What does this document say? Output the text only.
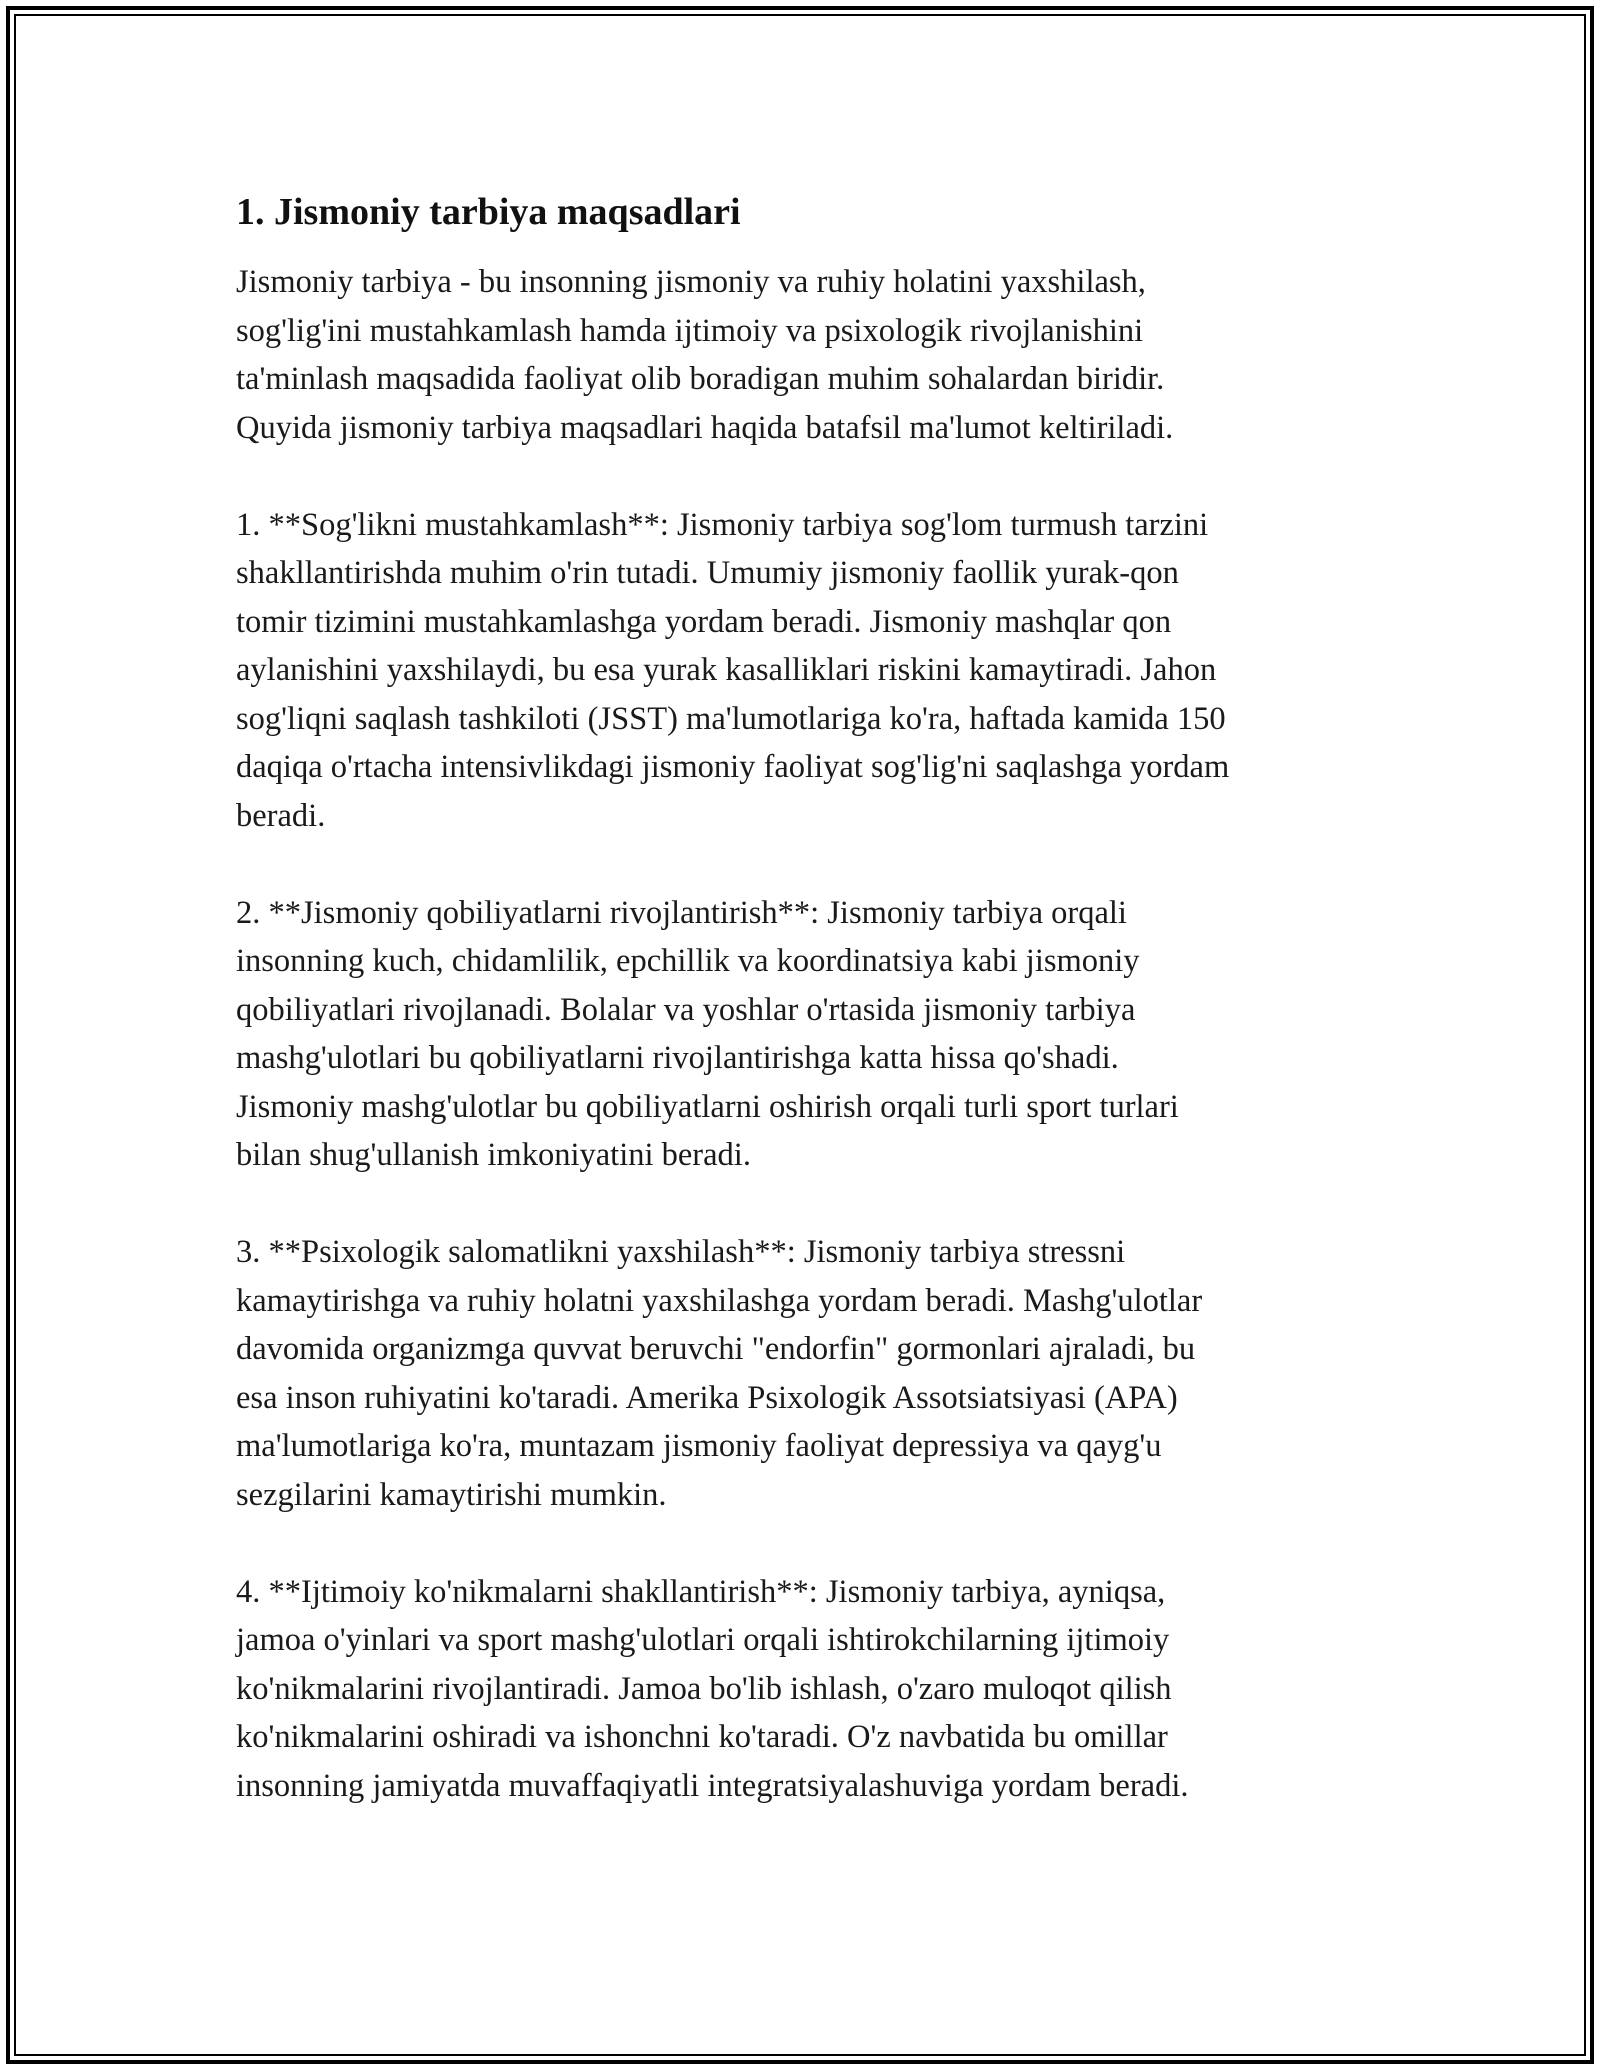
1. Jismoniy tarbiya maqsadlari
Jismoniy tarbiya - bu insonning jismoniy va ruhiy holatini yaxshilash,
sog'lig'ini mustahkamlash hamda ijtimoiy va psixologik rivojlanishini
ta'minlash maqsadida faoliyat olib boradigan muhim sohalardan biridir.
Quyida jismoniy tarbiya maqsadlari haqida batafsil ma'lumot keltiriladi.
1. **Sog'likni mustahkamlash**: Jismoniy tarbiya sog'lom turmush tarzini
shakllantirishda muhim o'rin tutadi. Umumiy jismoniy faollik yurak-qon
tomir tizimini mustahkamlashga yordam beradi. Jismoniy mashqlar qon
aylanishini yaxshilaydi, bu esa yurak kasalliklari riskini kamaytiradi. Jahon
sog'liqni saqlash tashkiloti (JSST) ma'lumotlariga ko'ra, haftada kamida 150
daqiqa o'rtacha intensivlikdagi jismoniy faoliyat sog'lig'ni saqlashga yordam
beradi.
2. **Jismoniy qobiliyatlarni rivojlantirish**: Jismoniy tarbiya orqali
insonning kuch, chidamlilik, epchillik va koordinatsiya kabi jismoniy
qobiliyatlari rivojlanadi. Bolalar va yoshlar o'rtasida jismoniy tarbiya
mashg'ulotlari bu qobiliyatlarni rivojlantirishga katta hissa qo'shadi.
Jismoniy mashg'ulotlar bu qobiliyatlarni oshirish orqali turli sport turlari
bilan shug'ullanish imkoniyatini beradi.
3. **Psixologik salomatlikni yaxshilash**: Jismoniy tarbiya stressni
kamaytirishga va ruhiy holatni yaxshilashga yordam beradi. Mashg'ulotlar
davomida organizmga quvvat beruvchi "endorfin" gormonlari ajraladi, bu
esa inson ruhiyatini ko'taradi. Amerika Psixologik Assotsiatsiyasi (APA)
ma'lumotlariga ko'ra, muntazam jismoniy faoliyat depressiya va qayg'u
sezgilarini kamaytirishi mumkin.
4. **Ijtimoiy ko'nikmalarni shakllantirish**: Jismoniy tarbiya, ayniqsa,
jamoa o'yinlari va sport mashg'ulotlari orqali ishtirokchilarning ijtimoiy
ko'nikmalarini rivojlantiradi. Jamoa bo'lib ishlash, o'zaro muloqot qilish
ko'nikmalarini oshiradi va ishonchni ko'taradi. O'z navbatida bu omillar
insonning jamiyatda muvaffaqiyatli integratsiyalashuviga yordam beradi.
